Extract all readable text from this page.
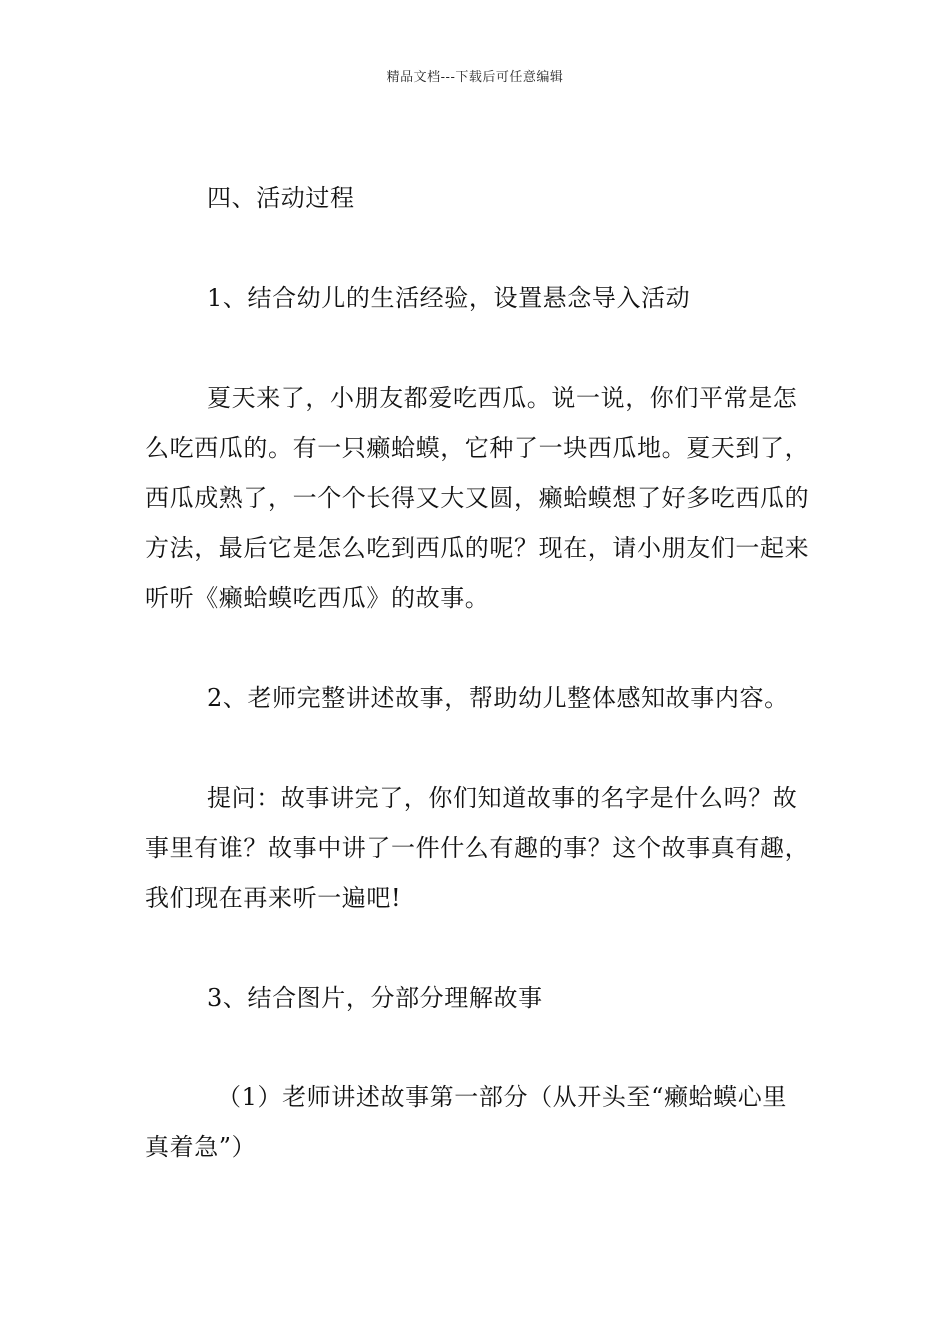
精品文档---下载后可任意编辑

四、活动过程

1、结合幼儿的生活经验，设置悬念导入活动

夏天来了，小朋友都爱吃西瓜。说一说，你们平常是怎么吃西瓜的。有一只癞蛤蟆，它种了一块西瓜地。夏天到了，西瓜成熟了，一个个长得又大又圆，癞蛤蟆想了好多吃西瓜的方法，最后它是怎么吃到西瓜的呢？现在，请小朋友们一起来听听《癞蛤蟆吃西瓜》的故事。

2、老师完整讲述故事，帮助幼儿整体感知故事内容。

提问：故事讲完了，你们知道故事的名字是什么吗？故事里有谁？故事中讲了一件什么有趣的事？这个故事真有趣，我们现在再来听一遍吧!

3、结合图片，分部分理解故事

（1）老师讲述故事第一部分（从开头至“癞蛤蟆心里真着急”）
